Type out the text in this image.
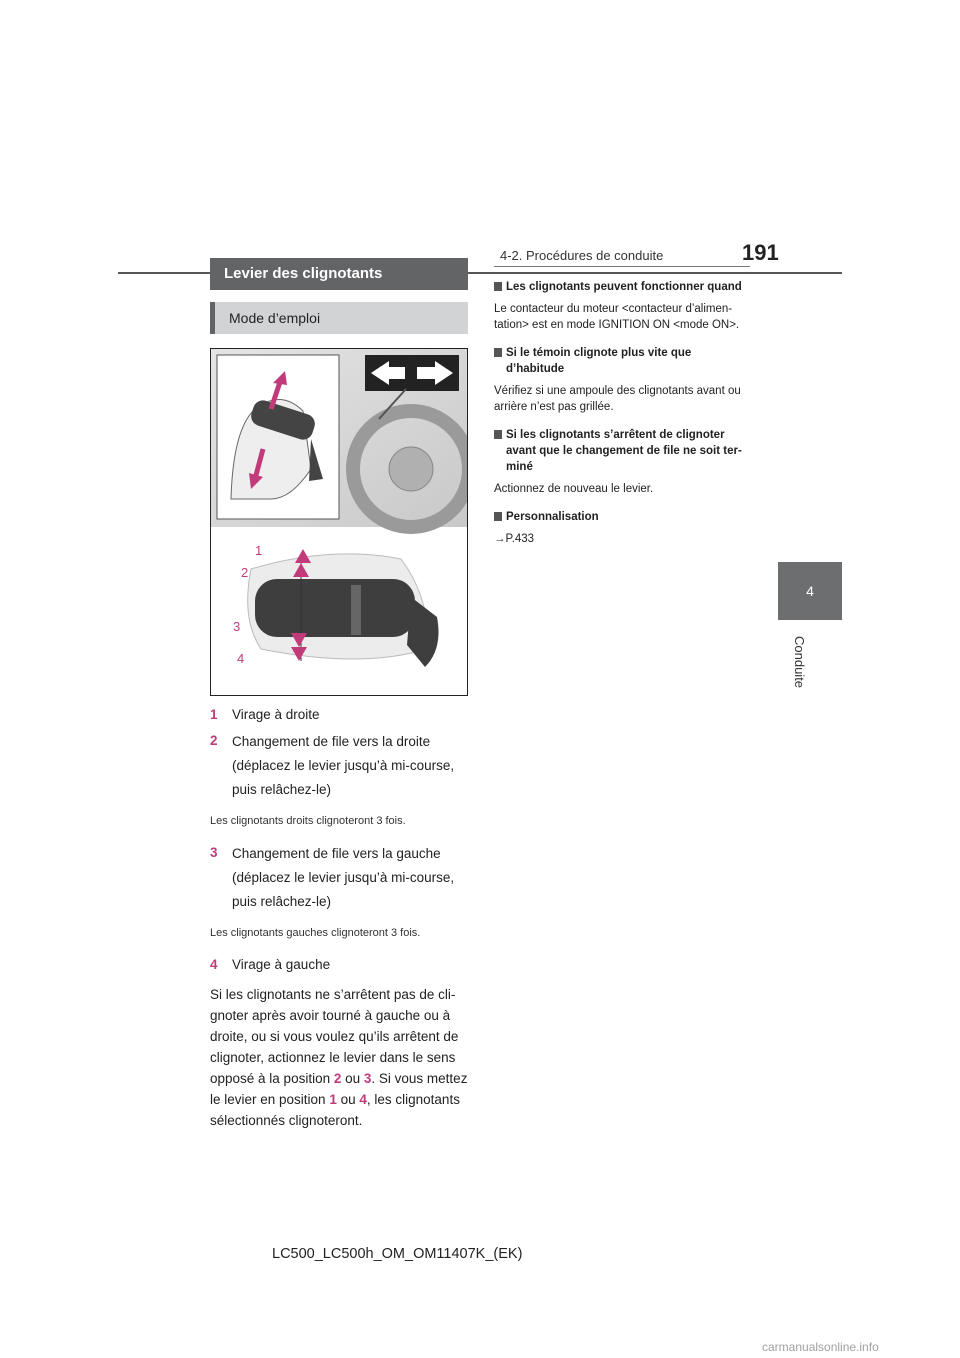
4-2. Procédures de conduite	191
4
Conduite
Levier des clignotants
Mode d’emploi
1
2
3
4
1	Virage à droite
2	Changement de file vers la droite (déplacez le levier jusqu’à mi-course, puis relâchez-le)
Les clignotants droits clignoteront 3 fois.
3	Changement de file vers la gauche (déplacez le levier jusqu’à mi-course, puis relâchez-le)
Les clignotants gauches clignoteront 3 fois.
4	Virage à gauche

Si les clignotants ne s’arrêtent pas de cli-gnoter après avoir tourné à gauche ou à droite, ou si vous voulez qu’ils arrêtent de clignoter, actionnez le levier dans le sens opposé à la position 2 ou 3. Si vous mettez le levier en position 1 ou 4, les clignotants sélectionnés clignoteront.

Les clignotants peuvent fonctionner quand
Le contacteur du moteur <contacteur d’alimen-tation> est en mode IGNITION ON <mode ON>.
Si le témoin clignote plus vite que d’habitude
Vérifiez si une ampoule des clignotants avant ou arrière n’est pas grillée.
Si les clignotants s’arrêtent de clignoter avant que le changement de file ne soit ter-miné
Actionnez de nouveau le levier.
Personnalisation
→P.433
LC500_LC500h_OM_OM11407K_(EK)
carmanualsonline.info
